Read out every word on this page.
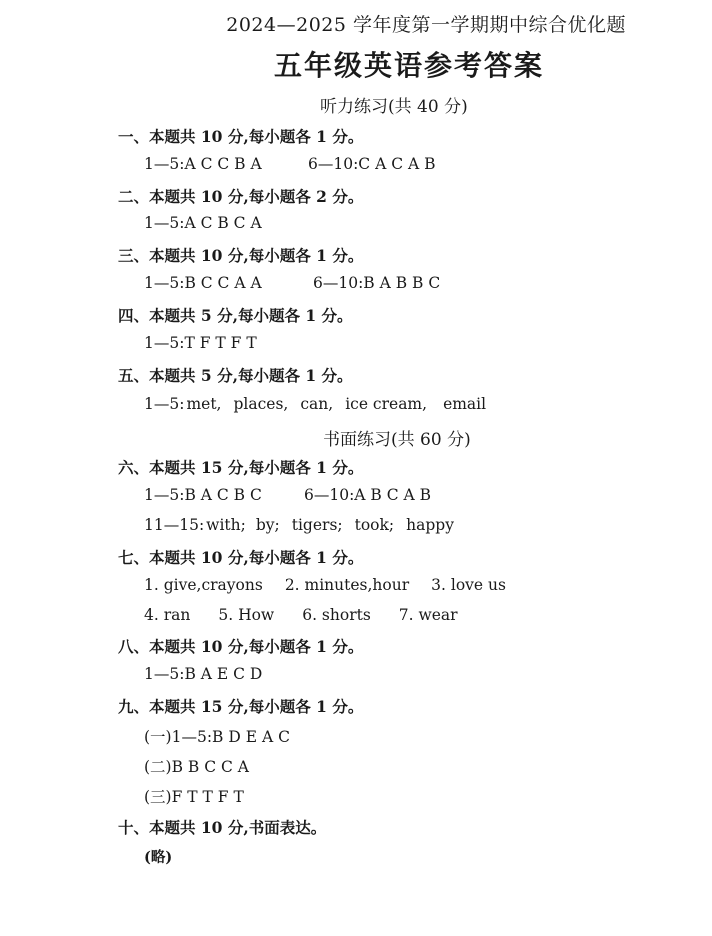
2024—2025 学年度第一学期期中综合优化题
五年级英语参考答案
听力练习(共 40 分)
一、本题共 10 分,每小题各 1 分。
1—5:A C C B A	6—10:C A C A B
二、本题共 10 分,每小题各 2 分。
1—5:A C B C A
三、本题共 10 分,每小题各 1 分。
1—5:B C C A A	6—10:B A B B C
四、本题共 5 分,每小题各 1 分。
1—5:T F T F T
五、本题共 5 分,每小题各 1 分。
1—5: met, places, can, ice cream, email
书面练习(共 60 分)
六、本题共 15 分,每小题各 1 分。
1—5:B A C B C	6—10:A B C A B
11—15: with; by; tigers; took; happy
七、本题共 10 分,每小题各 1 分。
1. give,crayons 2. minutes,hour 3. love us
4. ran 5. How 6. shorts 7. wear
八、本题共 10 分,每小题各 1 分。
1—5:B A E C D
九、本题共 15 分,每小题各 1 分。
(一)1—5:B D E A C
(二)B B C C A
(三)F T T F T
十、本题共 10 分,书面表达。
(略)
